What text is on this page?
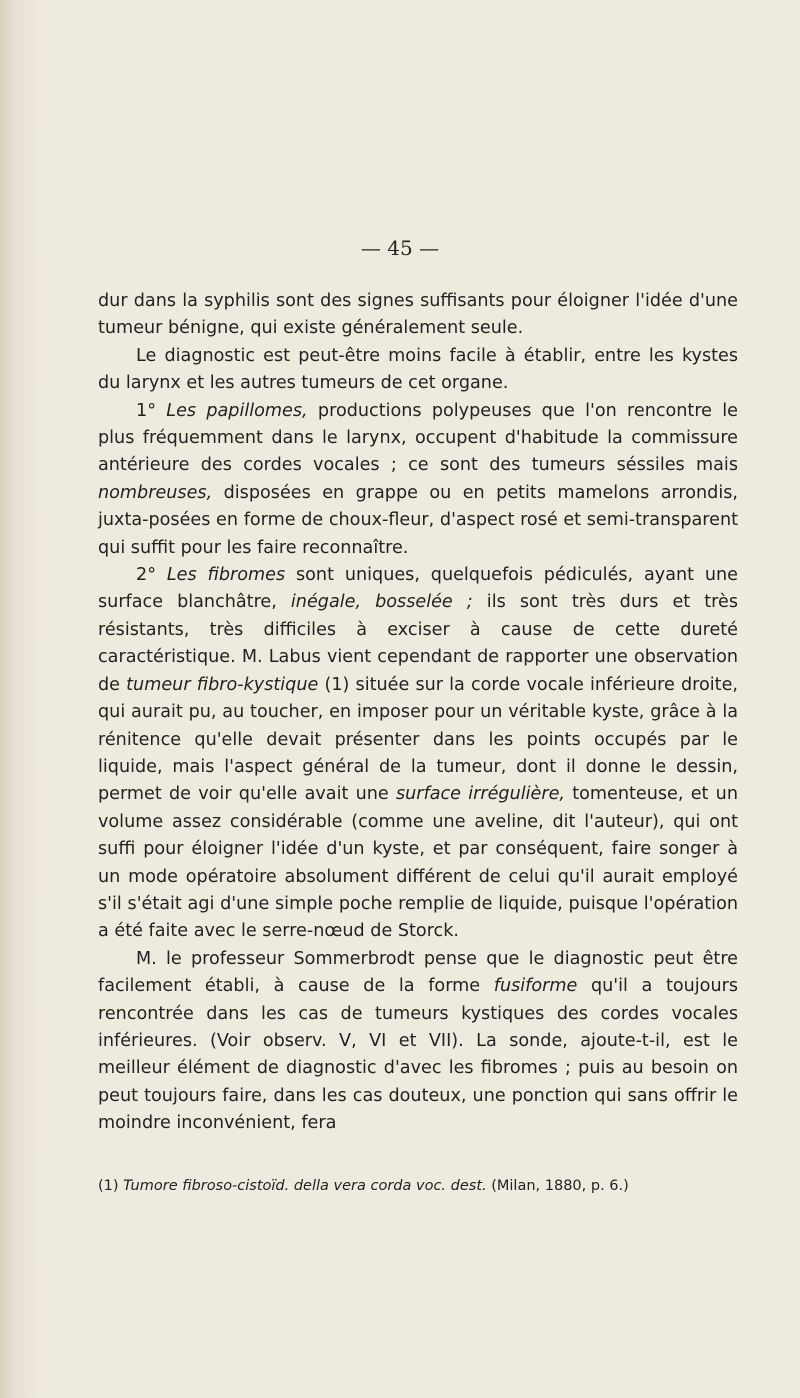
— 45 —

dur dans la syphilis sont des signes suffisants pour éloigner l'idée d'une tumeur bénigne, qui existe généralement seule.

Le diagnostic est peut-être moins facile à établir, entre les kystes du larynx et les autres tumeurs de cet organe.

1° Les papillomes, productions polypeuses que l'on rencontre le plus fréquemment dans le larynx, occupent d'habitude la commissure antérieure des cordes vocales ; ce sont des tumeurs séssiles mais nombreuses, disposées en grappe ou en petits mamelons arrondis, juxta-posées en forme de choux-fleur, d'aspect rosé et semi-transparent qui suffit pour les faire reconnaître.

2° Les fibromes sont uniques, quelquefois pédiculés, ayant une surface blanchâtre, inégale, bosselée ; ils sont très durs et très résistants, très difficiles à exciser à cause de cette dureté caractéristique. M. Labus vient cependant de rapporter une observation de tumeur fibro-kystique (1) située sur la corde vocale inférieure droite, qui aurait pu, au toucher, en imposer pour un véritable kyste, grâce à la rénitence qu'elle devait présenter dans les points occupés par le liquide, mais l'aspect général de la tumeur, dont il donne le dessin, permet de voir qu'elle avait une surface irrégulière, tomenteuse, et un volume assez considérable (comme une aveline, dit l'auteur), qui ont suffi pour éloigner l'idée d'un kyste, et par conséquent, faire songer à un mode opératoire absolument différent de celui qu'il aurait employé s'il s'était agi d'une simple poche remplie de liquide, puisque l'opération a été faite avec le serre-nœud de Storck.

M. le professeur Sommerbrodt pense que le diagnostic peut être facilement établi, à cause de la forme fusiforme qu'il a toujours rencontrée dans les cas de tumeurs kystiques des cordes vocales inférieures. (Voir observ. V, VI et VII). La sonde, ajoute-t-il, est le meilleur élément de diagnostic d'avec les fibromes ; puis au besoin on peut toujours faire, dans les cas douteux, une ponction qui sans offrir le moindre inconvénient, fera

(1) Tumore fibroso-cistoïd. della vera corda voc. dest. (Milan, 1880, p. 6.)
